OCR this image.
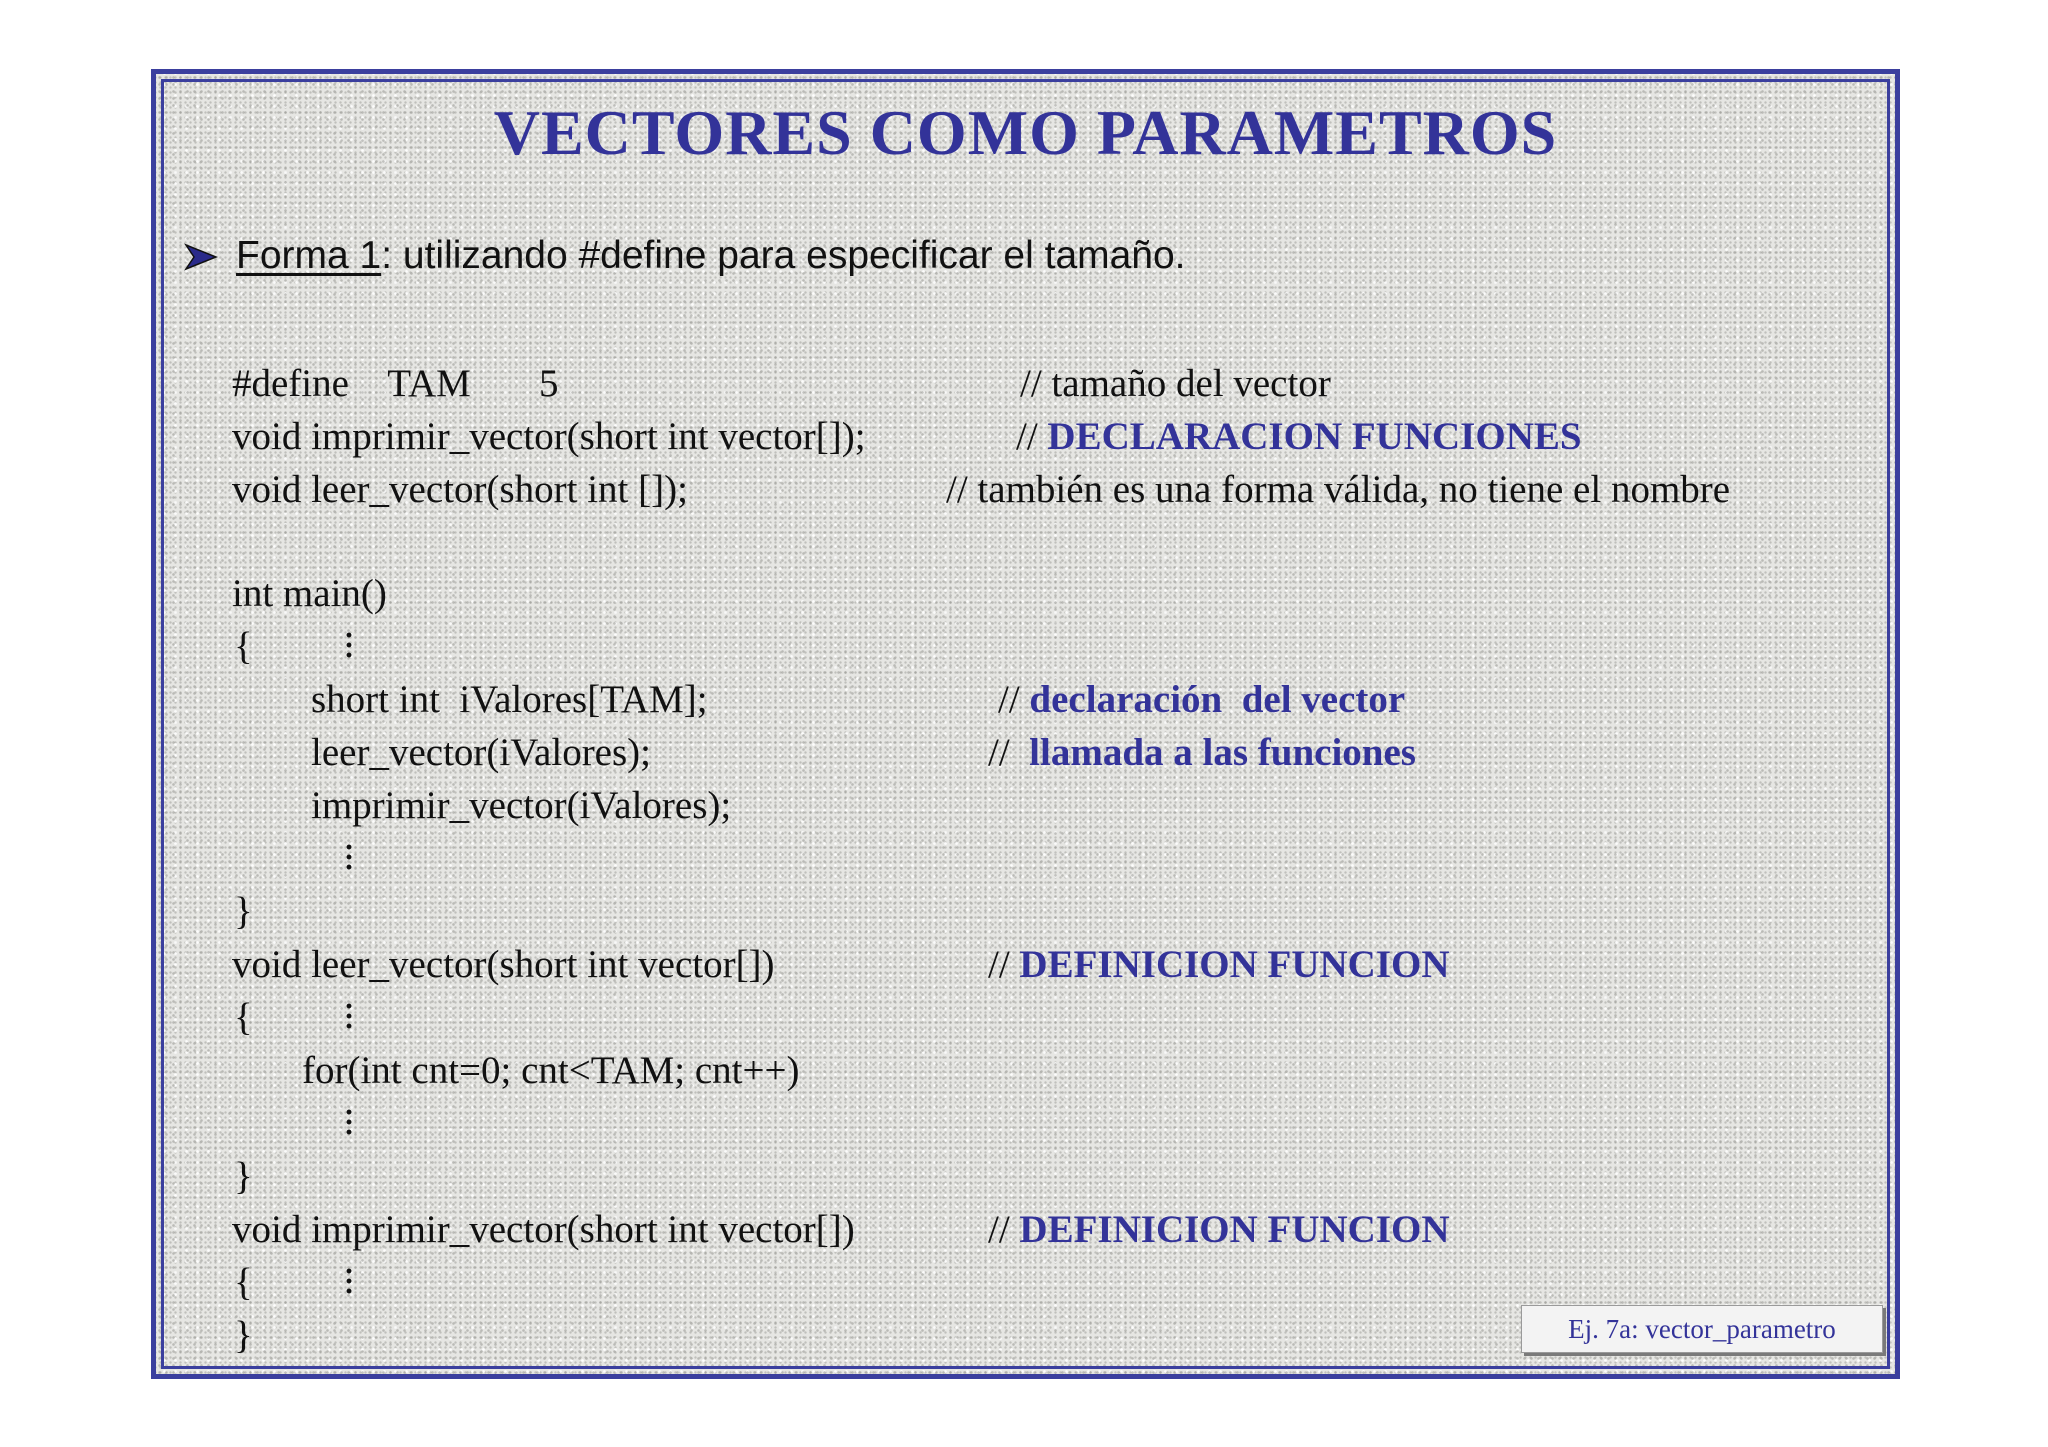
VECTORES COMO PARAMETROS
Forma 1 : utilizando #define para especificar el tamaño.
#define    TAM       5	// tamaño del vector
void imprimir_vector(short int vector[]);	// DECLARACION FUNCIONES
void leer_vector(short int []);	// también es una forma válida, no tiene el nombre
int main()
{
short int  iValores[TAM];	// declaración  del vector
leer_vector(iValores);	//  llamada a las funciones
imprimir_vector(iValores);
}
void leer_vector(short int vector[])	// DEFINICION FUNCION
{
for(int cnt=0; cnt<TAM; cnt++)
}
void imprimir_vector(short int vector[])	// DEFINICION FUNCION
{
}	Ej. 7a: vector_parametro
